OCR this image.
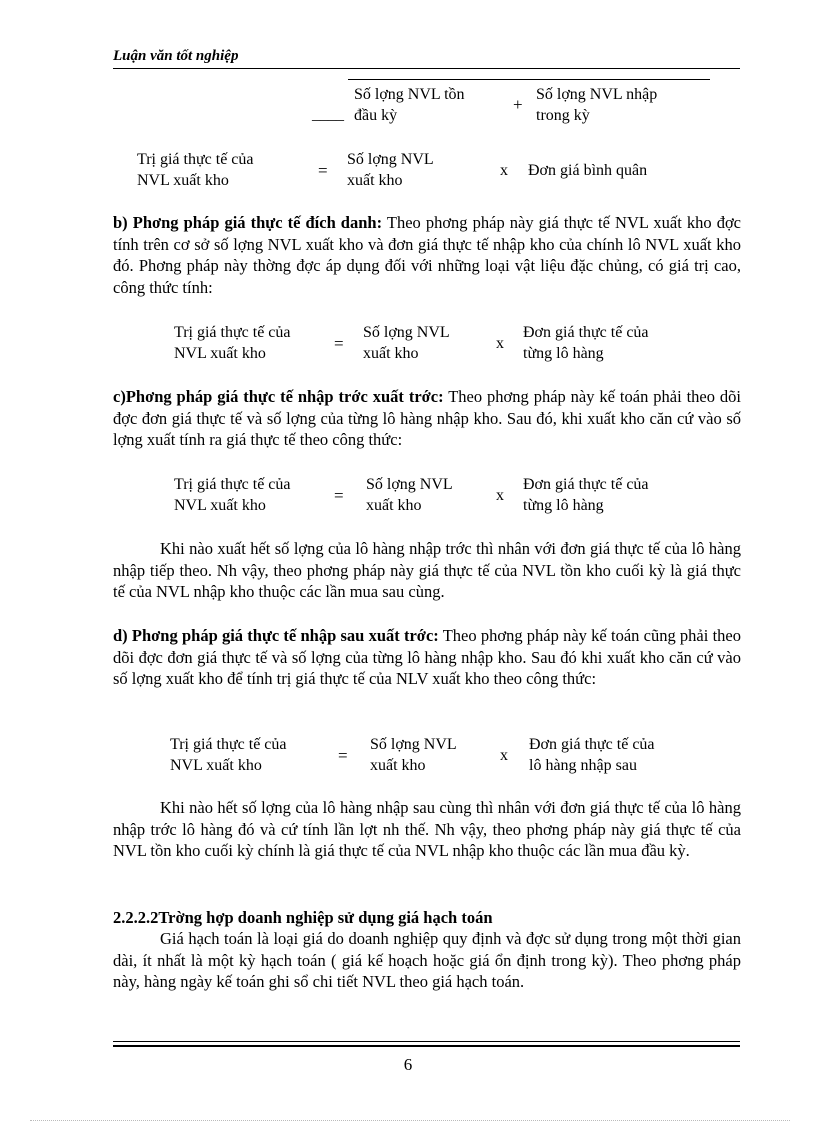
Luận văn tốt nghiệp
Số lợng NVL tồn
đầu kỳ
+
Số lợng NVL nhập
trong kỳ
____
Trị giá thực tế của
NVL xuất kho
=
Số lợng NVL
xuất kho
x Đơn giá bình quân
b) Phơng pháp giá thực tế đích danh: Theo phơng pháp này giá thực tế NVL xuất kho đợc tính trên cơ sở số lợng NVL xuất kho và đơn giá thực tế nhập kho của chính lô NVL xuất kho đó. Phơng pháp này thờng đợc áp dụng đối với những loại vật liệu đặc chủng, có giá trị cao, công thức tính:
Trị giá thực tế của
NVL xuất kho
=
Số lợng NVL
xuất kho
x
Đơn giá thực tế của
từng lô hàng
c)Phơng pháp giá thực tế nhập trớc xuất trớc: Theo phơng pháp này kế toán phải theo dõi đợc đơn giá thực tế và số lợng của từng lô hàng nhập kho. Sau đó, khi xuất kho căn cứ vào số lợng xuất tính ra giá thực tế theo công thức:
Trị giá thực tế của
NVL xuất kho
=
Số lợng NVL
xuất kho
x
Đơn giá thực tế của
từng lô hàng
Khi nào xuất hết số lợng của lô hàng nhập trớc thì nhân với đơn giá thực tế của lô hàng nhập tiếp theo. Nh vậy, theo phơng pháp này giá thực tế của NVL tồn kho cuối kỳ là giá thực tế của NVL nhập kho thuộc các lần mua sau cùng.
d) Phơng pháp giá thực tế nhập sau xuất trớc: Theo phơng pháp này kế toán cũng phải theo dõi đợc đơn giá thực tế và số lợng của từng lô hàng nhập kho. Sau đó khi xuất kho căn cứ vào số lợng xuất kho để tính trị giá thực tế của NLV xuất kho theo công thức:
Trị giá thực tế của
NVL xuất kho
=
Số lợng NVL
xuất kho
x
Đơn giá thực tế của
lô hàng nhập sau
Khi nào hết số lợng của lô hàng nhập sau cùng thì nhân với đơn giá thực tế của lô hàng nhập trớc lô hàng đó và cứ tính lần lợt nh thế. Nh vậy, theo phơng pháp này giá thực tế của NVL tồn kho cuối kỳ chính là giá thực tế của NVL nhập kho thuộc các lần mua đầu kỳ.
2.2.2.2Trờng hợp doanh nghiệp sử dụng giá hạch toán
Giá hạch toán là loại giá do doanh nghiệp quy định và đợc sử dụng trong một thời gian dài, ít nhất là một kỳ hạch toán ( giá kế hoạch hoặc giá ổn định trong kỳ). Theo phơng pháp này, hàng ngày kế toán ghi sổ chi tiết NVL theo giá hạch toán.
6
